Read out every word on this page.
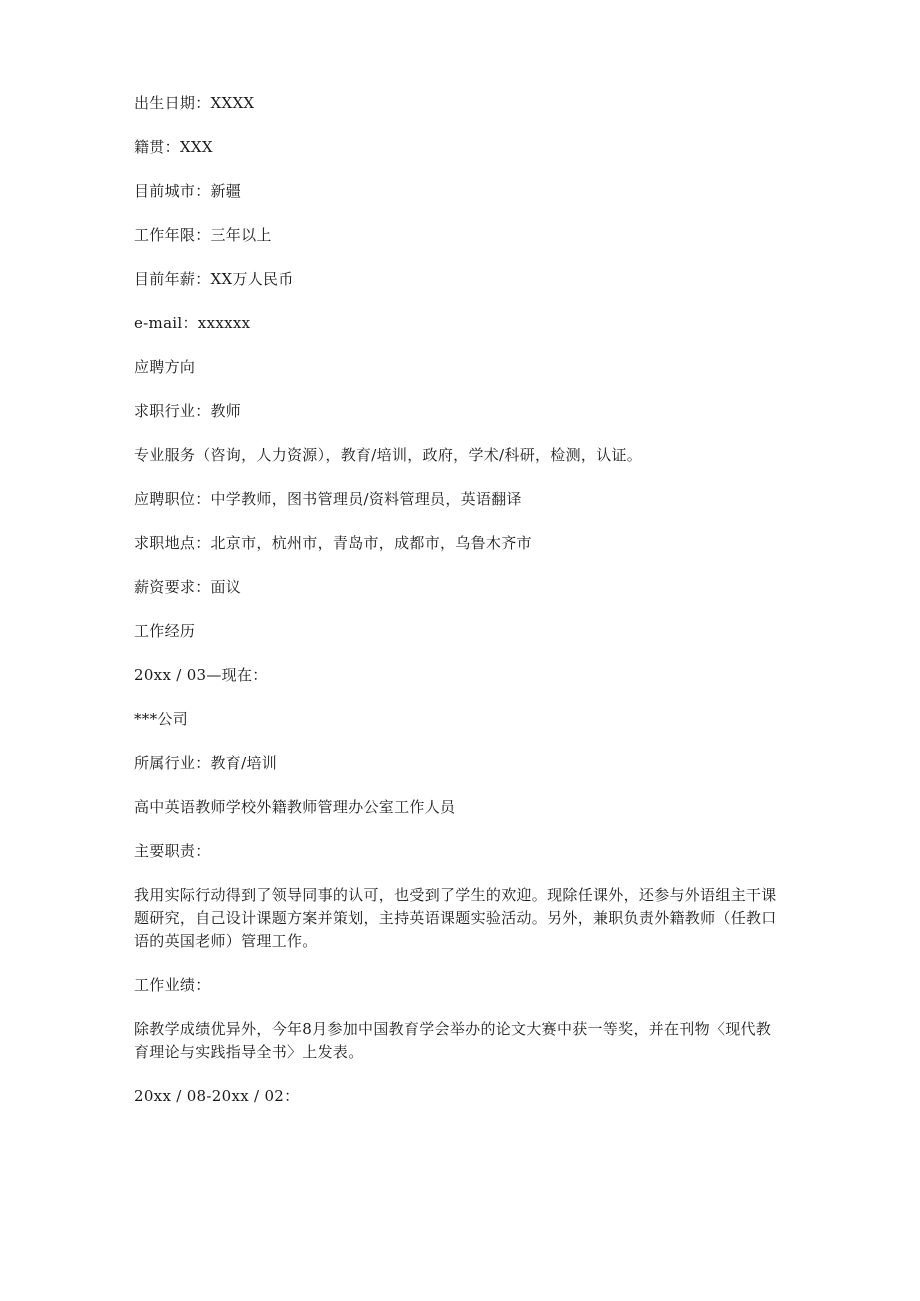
出生日期：XXXX

籍贯：XXX

目前城市：新疆

工作年限：三年以上

目前年薪：XX万人民币

e-mail：xxxxxx

应聘方向

求职行业：教师

专业服务（咨询，人力资源），教育/培训，政府，学术/科研，检测，认证。

应聘职位：中学教师，图书管理员/资料管理员，英语翻译

求职地点：北京市，杭州市，青岛市，成都市，乌鲁木齐市

薪资要求：面议

工作经历

20xx / 03—现在：

***公司

所属行业：教育/培训

高中英语教师学校外籍教师管理办公室工作人员

主要职责：

我用实际行动得到了领导同事的认可，也受到了学生的欢迎。现除任课外，还参与外语组主干课题研究，自己设计课题方案并策划，主持英语课题实验活动。另外，兼职负责外籍教师（任教口语的英国老师）管理工作。

工作业绩：

除教学成绩优异外，今年8月参加中国教育学会举办的论文大赛中获一等奖，并在刊物〈现代教育理论与实践指导全书〉上发表。

20xx / 08-20xx / 02：
